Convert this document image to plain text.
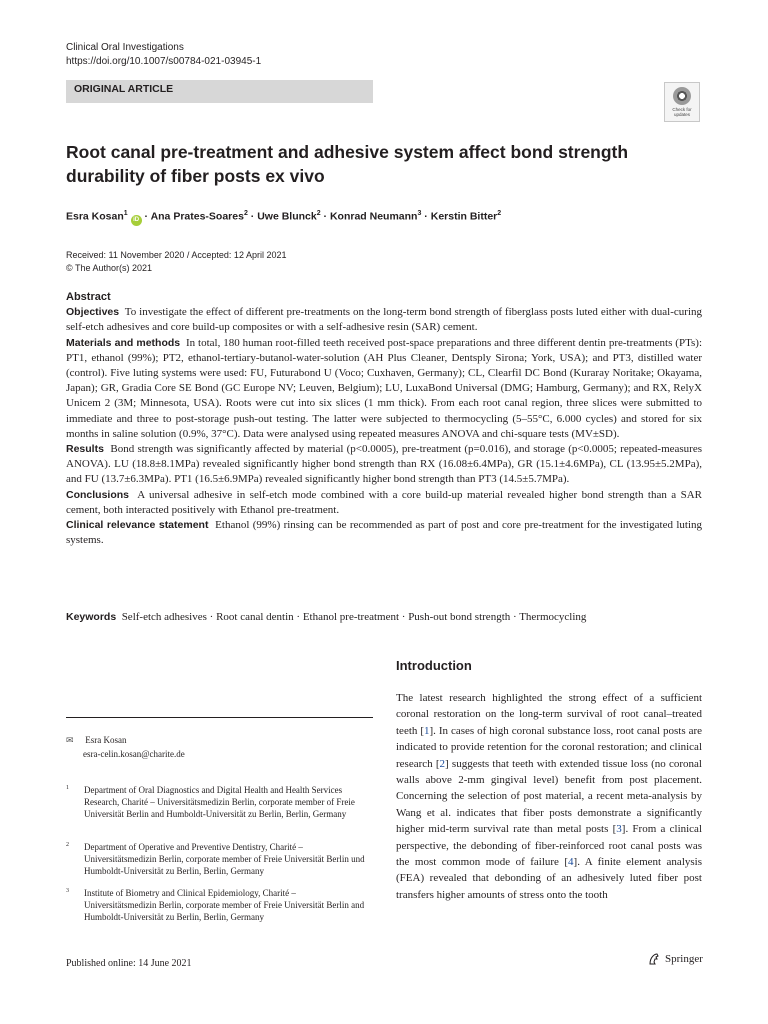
Clinical Oral Investigations
https://doi.org/10.1007/s00784-021-03945-1
ORIGINAL ARTICLE
Check for updates
Root canal pre-treatment and adhesive system affect bond strength durability of fiber posts ex vivo
Esra Kosan$^1$ iD · Ana Prates-Soares$^2$ · Uwe Blunck$^2$ · Konrad Neumann$^3$ · Kerstin Bitter$^2$
Received: 11 November 2020 / Accepted: 12 April 2021
© The Author(s) 2021

Abstract

Objectives To investigate the effect of different pre-treatments on the long-term bond strength of fiberglass posts luted either with dual-curing self-etch adhesives and core build-up composites or with a self-adhesive resin (SAR) cement.

Materials and methods In total, 180 human root-filled teeth received post-space preparations and three different dentin pre-treatments (PTs): PT1, ethanol (99%); PT2, ethanol-tertiary-butanol-water-solution (AH Plus Cleaner, Dentsply Sirona; York, USA); and PT3, distilled water (control). Five luting systems were used: FU, Futurabond U (Voco; Cuxhaven, Germany); CL, Clearfil DC Bond (Kuraray Noritake; Okayama, Japan); GR, Gradia Core SE Bond (GC Europe NV; Leuven, Belgium); LU, LuxaBond Universal (DMG; Hamburg, Germany); and RX, RelyX Unicem 2 (3M; Minnesota, USA). Roots were cut into six slices (1 mm thick). From each root canal region, three slices were submitted to immediate and three to post-storage push-out testing. The latter were subjected to thermocycling (5–55°C, 6.000 cycles) and stored for six months in saline solution (0.9%, 37°C). Data were analysed using repeated measures ANOVA and chi-square tests (MV±SD).

Results Bond strength was significantly affected by material (p<0.0005), pre-treatment (p=0.016), and storage (p<0.0005; repeated-measures ANOVA). LU (18.8±8.1MPa) revealed significantly higher bond strength than RX (16.08±6.4MPa), GR (15.1±4.6MPa), CL (13.95±5.2MPa), and FU (13.7±6.3MPa). PT1 (16.5±6.9MPa) revealed significantly higher bond strength than PT3 (14.5±5.7MPa).

Conclusions A universal adhesive in self-etch mode combined with a core build-up material revealed higher bond strength than a SAR cement, both interacted positively with Ethanol pre-treatment.

Clinical relevance statement Ethanol (99%) rinsing can be recommended as part of post and core pre-treatment for the investigated luting systems.

Keywords Self-etch adhesives · Root canal dentin · Ethanol pre-treatment · Push-out bond strength · Thermocycling
Introduction
The latest research highlighted the strong effect of a sufficient coronal restoration on the long-term survival of root canal–treated teeth [1]. In cases of high coronal substance loss, root canal posts are indicated to provide retention for the coronal restoration; and clinical research [2] suggests that teeth with extended tissue loss (no coronal walls above 2-mm gingival level) benefit from post placement. Concerning the selection of post material, a recent meta-analysis by Wang et al. indicates that fiber posts demonstrate a significantly higher mid-term survival rate than metal posts [3]. From a clinical perspective, the debonding of fiber-reinforced root canal posts was the most common mode of failure [4]. A finite element analysis (FEA) revealed that debonding of an adhesively luted fiber post transfers higher amounts of stress onto the tooth
✉ Esra Kosan
esra-celin.kosan@charite.de
1 Department of Oral Diagnostics and Digital Health and Health Services Research, Charité – Universitätsmedizin Berlin, corporate member of Freie Universität Berlin and Humboldt-Universität zu Berlin, Berlin, Germany
2 Department of Operative and Preventive Dentistry, Charité – Universitätsmedizin Berlin, corporate member of Freie Universität Berlin und Humboldt-Universität zu Berlin, Berlin, Germany
3 Institute of Biometry and Clinical Epidemiology, Charité – Universitätsmedizin Berlin, corporate member of Freie Universität Berlin and Humboldt-Universität zu Berlin, Berlin, Germany
Published online: 14 June 2021	Springer
